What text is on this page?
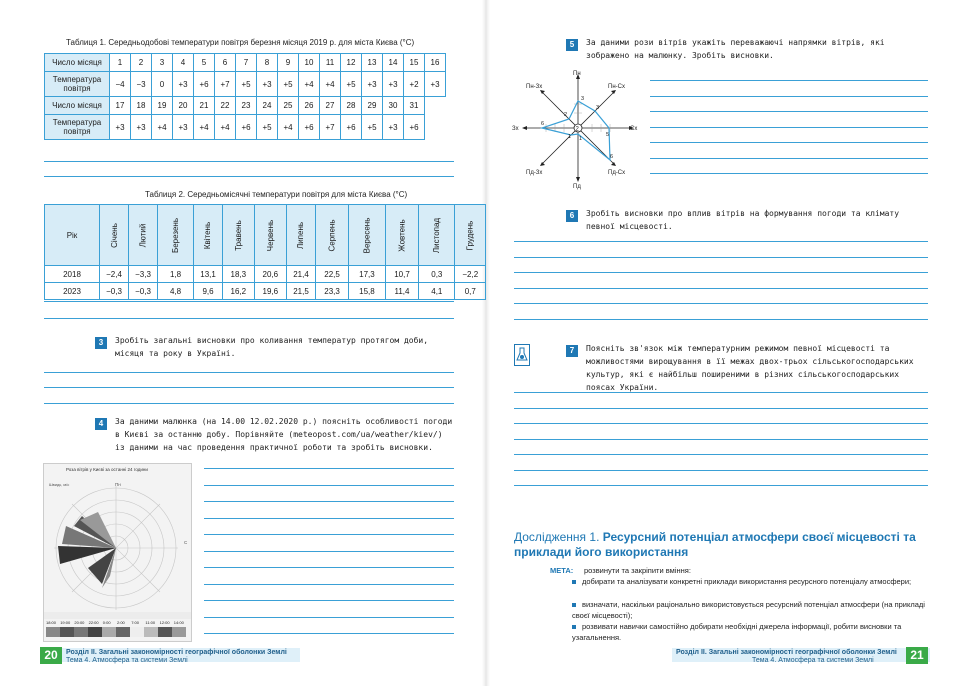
Таблиця 1. Середньодобові температури повітря березня місяця 2019 р. для міста Києва (°C)
Число місяця	1	2	3	4	5	6	7	8	9	10	11	12	13	14	15	16
Температура повітря	−4	−3	0	+3	+6	+7	+5	+3	+5	+4	+4	+5	+3	+3	+2	+3
Число місяця	17	18	19	20	21	22	23	24	25	26	27	28	29	30	31	
Температура повітря	+3	+3	+4	+3	+4	+4	+6	+5	+4	+6	+7	+6	+5	+3	+6	
Таблиця 2. Середньомісячні температури повітря для міста Києва (°C)
Рік	Січень	Лютий	Березень	Квітень	Травень	Червень	Липень	Серпень	Вересень	Жовтень	Листопад	Грудень
2018	−2,4	−3,3	1,8	13,1	18,3	20,6	21,4	22,5	17,3	10,7	0,3	−2,2
2023	−0,3	−0,3	4,8	9,6	16,2	19,6	21,5	23,3	15,8	11,4	4,1	0,7
3	Зробіть загальні висновки про коливання температур протягом доби, місяця та року в Україні.
4	За даними малюнка (на 14.00 12.02.2020 р.) поясніть особливості погоди в Києві за останню добу. Порівняйте (meteopost.com/ua/weather/kiev/) із даними на час проведення практичної роботи та зробіть висновки.
Роза вітрів у Києві за останні 24 години
Швидк, м/с	Пн
С
18:00 19:00 20:00 22:00 0:00 2:00 7:00 11:00 12:00 14:00
20	Розділ II. Загальні закономірності географічної оболонки Землі
Тема 4. Атмосфера та системи Землі
5	За даними рози вітрів укажіть переважаючі напрямки вітрів, які зображено на малюнку. Зробіть висновки.
2
Пн
Пд
Сх
Зх
Пн-Сх
Пн-Зх
Пд-Сх
Пд-Зх
3
3
5
6
1
1
6
2
6	Зробіть висновки про вплив вітрів на формування погоди та клімату певної місцевості.
7	Поясніть зв'язок між температурним режимом певної місцевості та можливостями вирощування в її межах двох-трьох сільськогосподарських культур, які є найбільш поширеними в різних сільськогосподарських поясах України.
Дослідження 1. Ресурсний потенціал атмосфери своєї місцевості та приклади його використання
МЕТА: розвинути та закріпити вміння:
добирати та аналізувати конкретні приклади використання ресурсного потенціалу атмосфери;
визначати, наскільки раціонально використовується ресурсний потенціал атмосфери (на прикладі своєї місцевості);
розвивати навички самостійно добирати необхідні джерела інформації, робити висновки та узагальнення.
Розділ II. Загальні закономірності географічної оболонки Землі
Тема 4. Атмосфера та системи Землі	21
